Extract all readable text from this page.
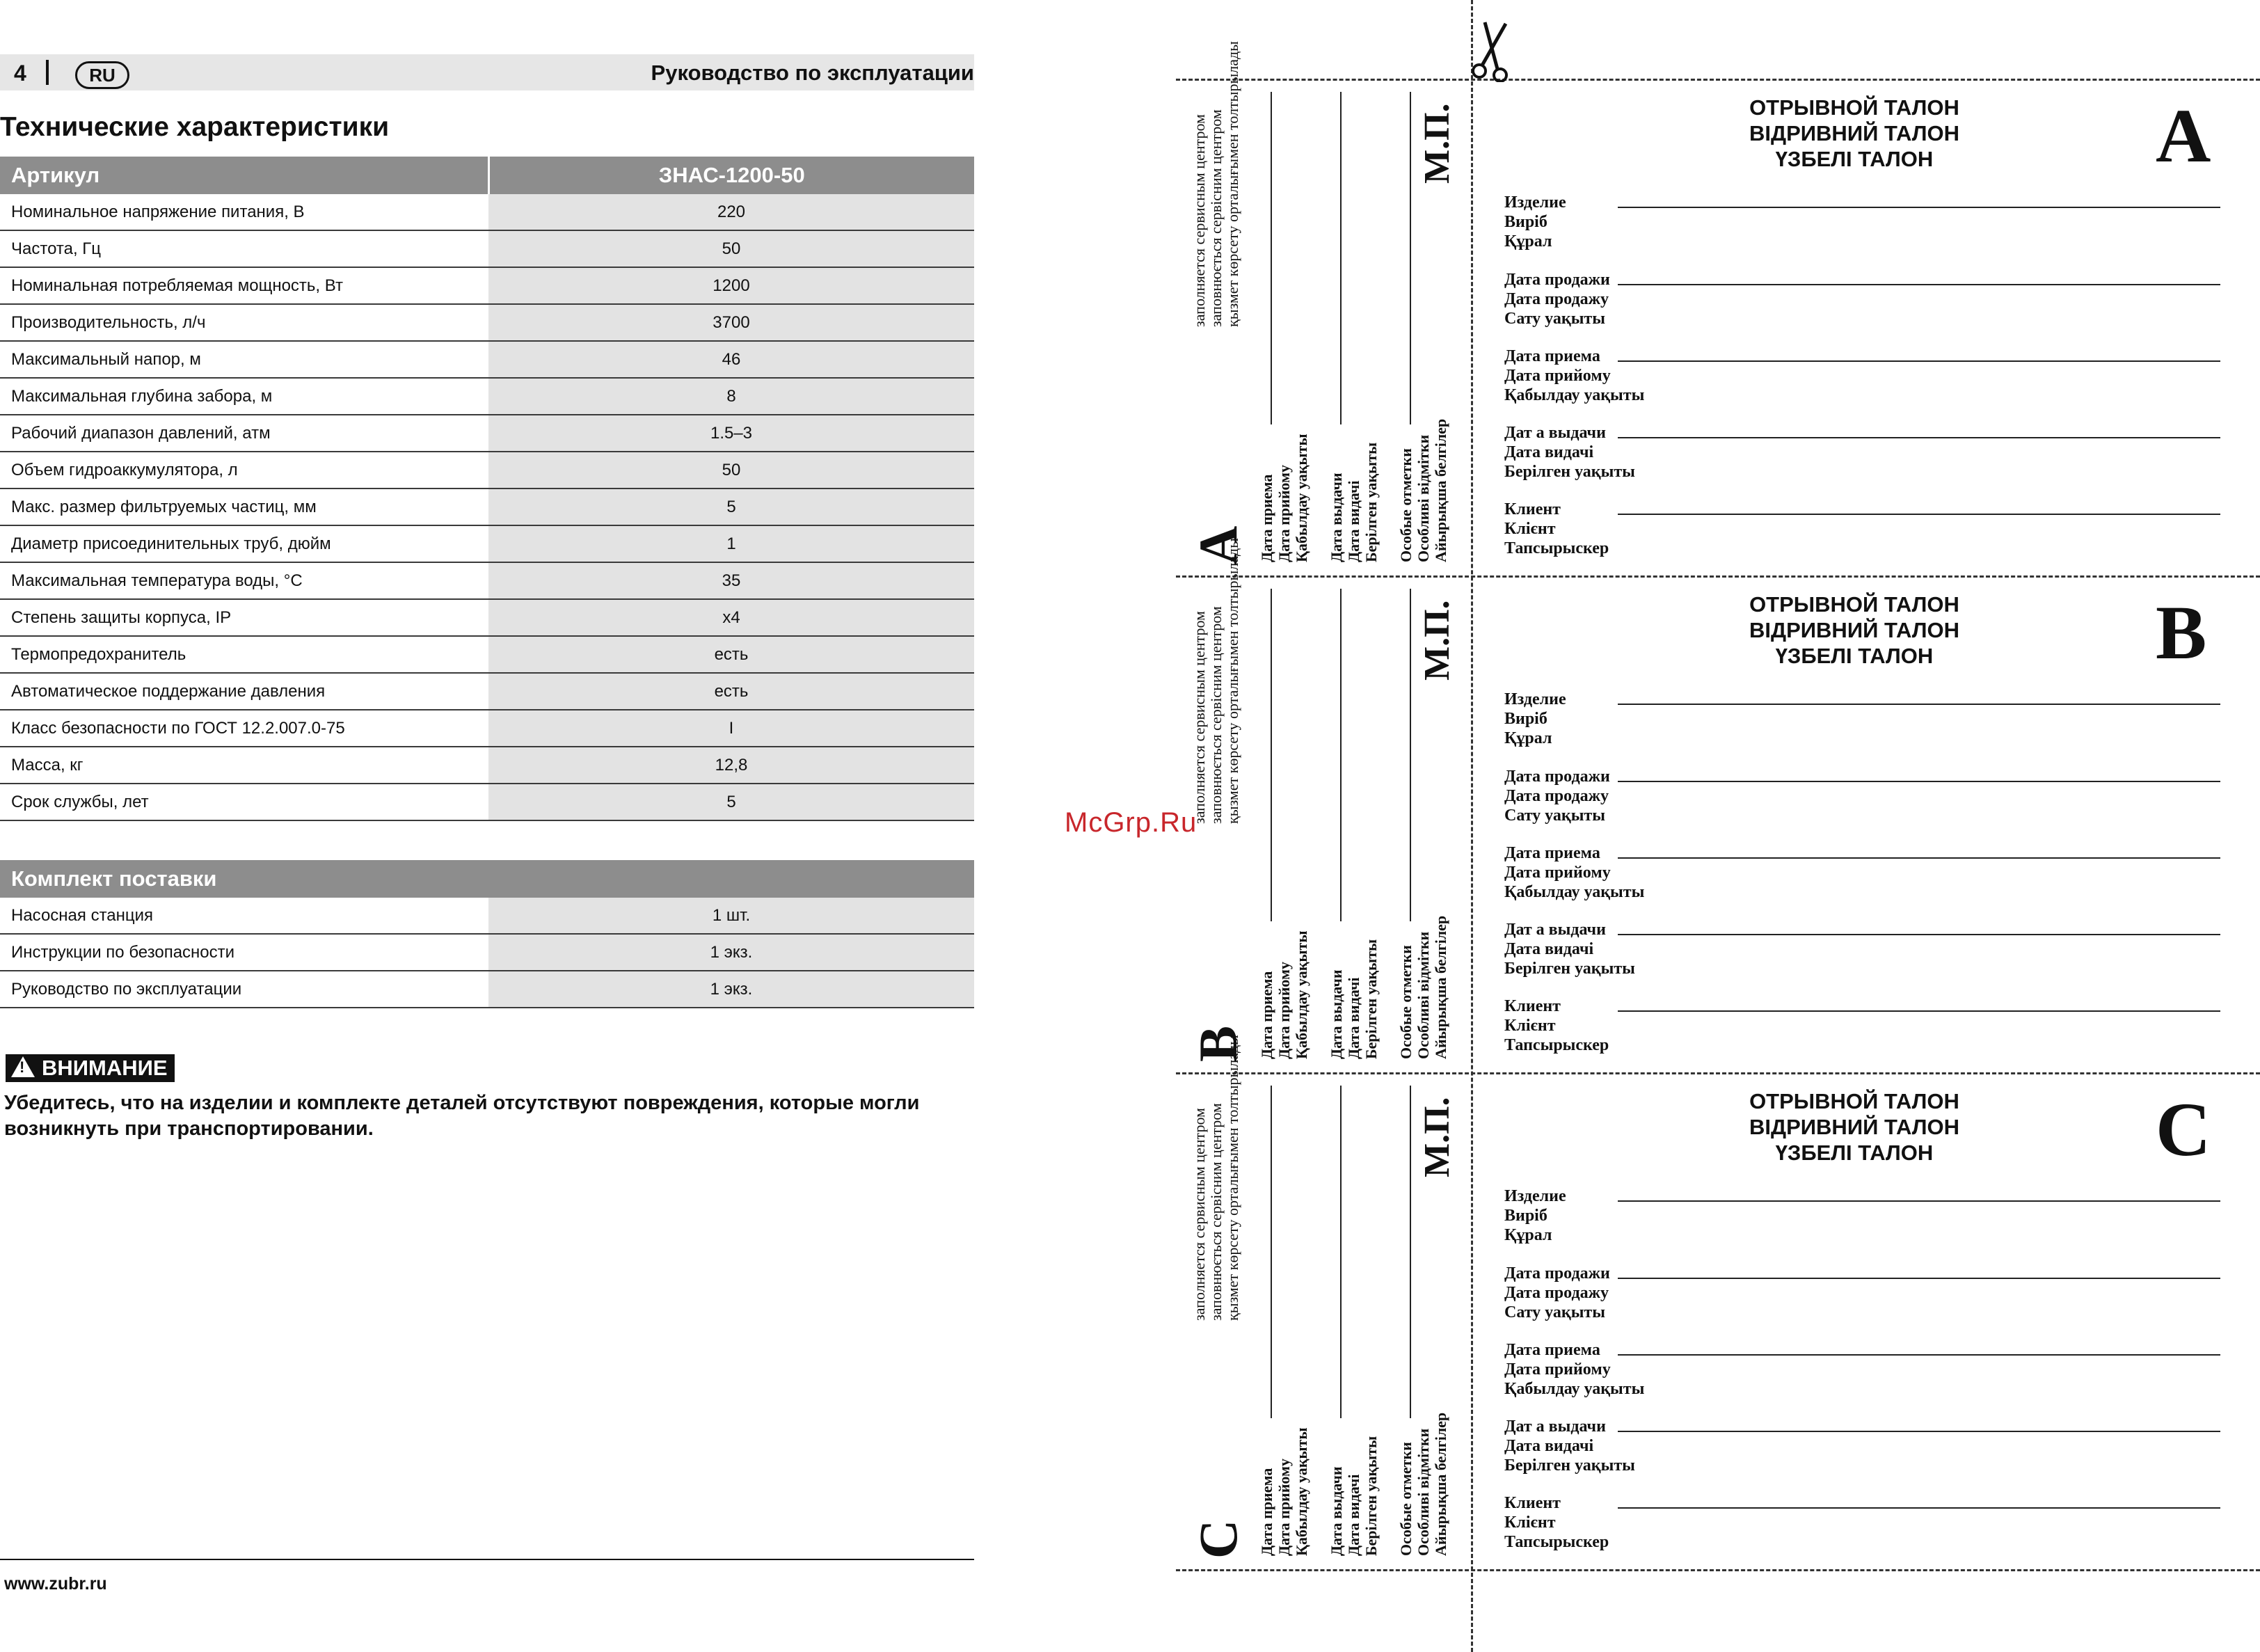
4	RU	Руководство по эксплуатации
Технические характеристики
Артикул	ЗНАС-1200-50
Номинальное напряжение питания, В	220
Частота, Гц	50
Номинальная потребляемая мощность, Вт	1200
Производительность, л/ч	3700
Максимальный напор, м	46
Максимальная глубина забора, м	8
Рабочий диапазон давлений, атм	1.5–3
Объем гидроаккумулятора, л	50
Макс. размер фильтруемых частиц, мм	5
Диаметр присоединительных труб, дюйм	1
Максимальная температура воды, °С	35
Степень защиты корпуса, IP	х4
Термопредохранитель	есть
Автоматическое поддержание давления	есть
Класс безопасности по ГОСТ 12.2.007.0-75	I
Масса, кг	12,8
Срок службы, лет	5
Комплект поставки	
Насосная станция	1 шт.
Инструкции по безопасности	1 экз.
Руководство по эксплуатации	1 экз.
!ВНИМАНИЕ
Убедитесь, что на изделии и комплекте деталей отсутствуют повреждения, которые могли возникнуть при транспортировании.
www.zubr.ru
McGrp.Ru
ОТРЫВНОЙ ТАЛОН
ВІДРИВНИЙ ТАЛОН
ҮЗБЕЛІ ТАЛОН	A
Изделие
Виріб
Құрал
Дата продажи
Дата продажу
Сату уақыты
Дата приема
Дата прийому
Қабылдау уақыты
Дат а выдачи
Дата видачі
Берілген уақыты
Клиент
Клієнт
Тапсырыскер
заполняется сервисным центром заповнюється сервісним центром қызмет көрсету орталығымен толтырылады
A Дата приема Дата прийому Қабылдау уақыты Дата выдачи Дата видачі Берілген уақыты Особые отметки Особливі відмітки Айырықша белгілер
М.П.
ОТРЫВНОЙ ТАЛОН
ВІДРИВНИЙ ТАЛОН
ҮЗБЕЛІ ТАЛОН	B
Изделие
Виріб
Құрал
Дата продажи
Дата продажу
Сату уақыты
Дата приема
Дата прийому
Қабылдау уақыты
Дат а выдачи
Дата видачі
Берілген уақыты
Клиент
Клієнт
Тапсырыскер
заполняется сервисным центром заповнюється сервісним центром қызмет көрсету орталығымен толтырылады
B Дата приема Дата прийому Қабылдау уақыты Дата выдачи Дата видачі Берілген уақыты Особые отметки Особливі відмітки Айырықша белгілер
М.П.
ОТРЫВНОЙ ТАЛОН
ВІДРИВНИЙ ТАЛОН
ҮЗБЕЛІ ТАЛОН	C
Изделие
Виріб
Құрал
Дата продажи
Дата продажу
Сату уақыты
Дата приема
Дата прийому
Қабылдау уақыты
Дат а выдачи
Дата видачі
Берілген уақыты
Клиент
Клієнт
Тапсырыскер
заполняется сервисным центром заповнюється сервісним центром қызмет көрсету орталығымен толтырылады
C Дата приема Дата прийому Қабылдау уақыты Дата выдачи Дата видачі Берілген уақыты Особые отметки Особливі відмітки Айырықша белгілер
М.П.
